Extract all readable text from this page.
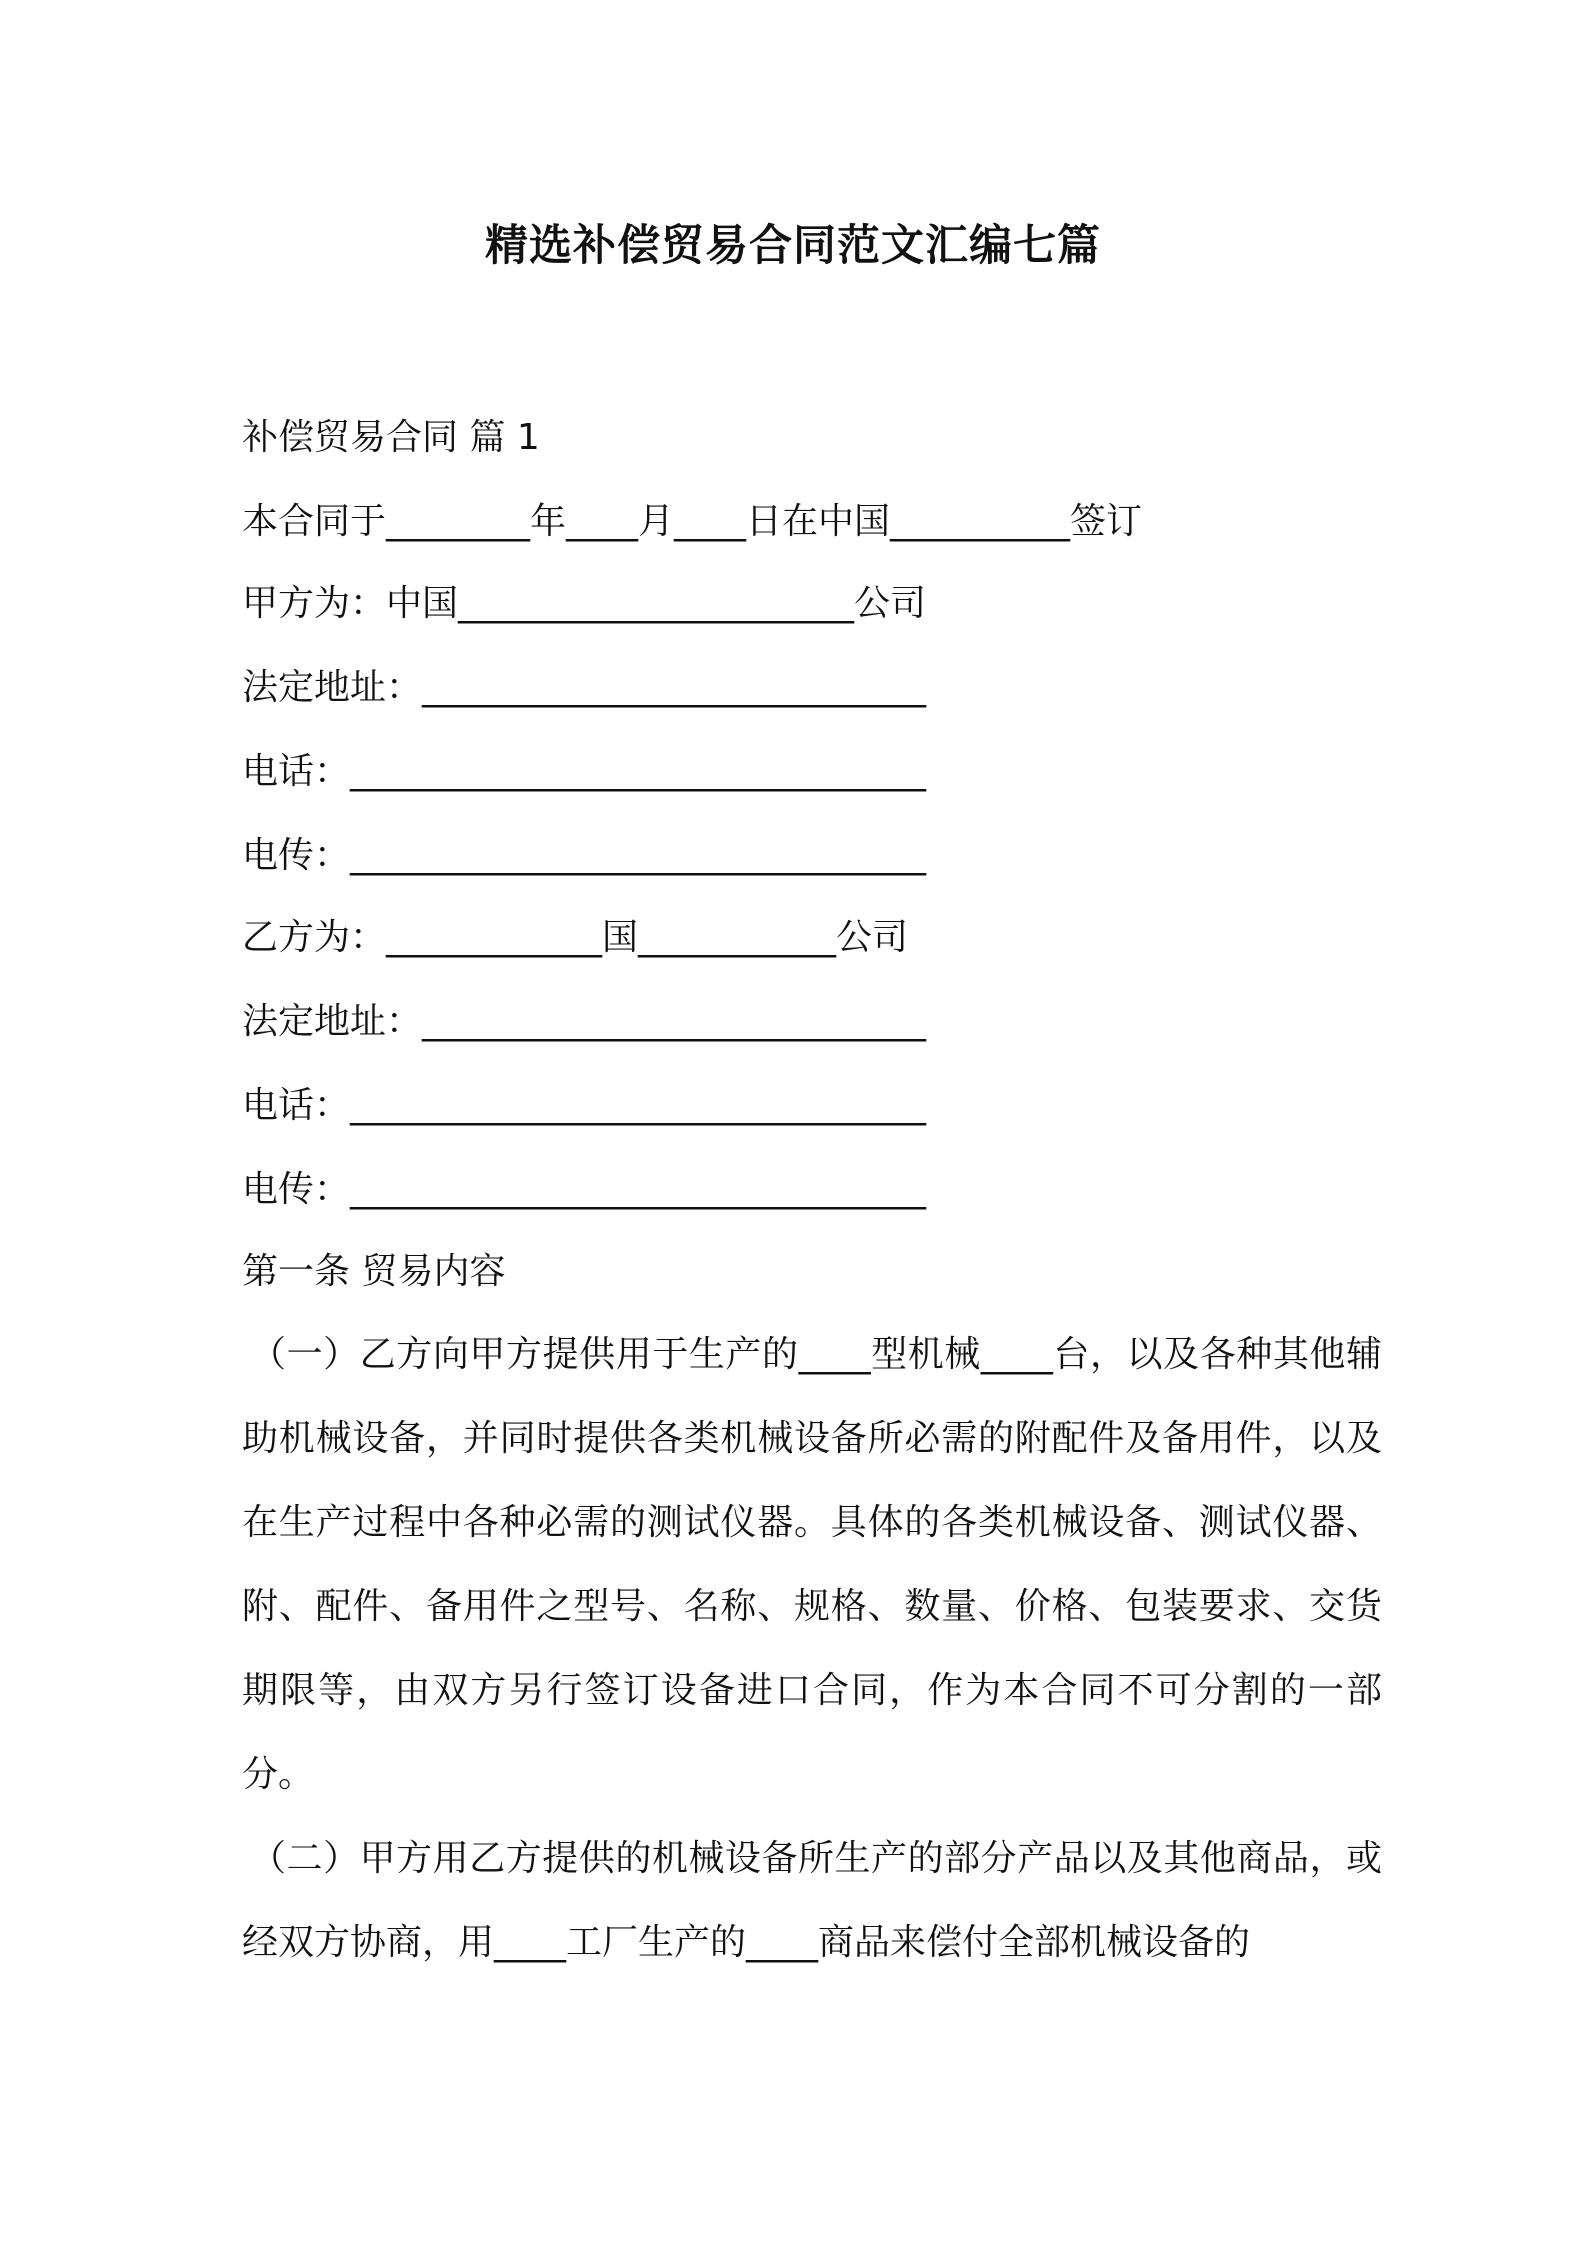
精选补偿贸易合同范文汇编七篇
补偿贸易合同 篇 1
本合同于________年____月____日在中国__________签订
甲方为：中国______________________公司
法定地址：____________________________
电话：________________________________
电传：________________________________
乙方为：____________国___________公司
法定地址：____________________________
电话：________________________________
电传：________________________________
第一条 贸易内容

（一）乙方向甲方提供用于生产的____型机械____台，以及各种其他辅助机械设备，并同时提供各类机械设备所必需的附配件及备用件，以及在生产过程中各种必需的测试仪器。具体的各类机械设备、测试仪器、附、配件、备用件之型号、名称、规格、数量、价格、包装要求、交货期限等，由双方另行签订设备进口合同，作为本合同不可分割的一部分。

（二）甲方用乙方提供的机械设备所生产的部分产品以及其他商品，或经双方协商，用____工厂生产的____商品来偿付全部机械设备的
